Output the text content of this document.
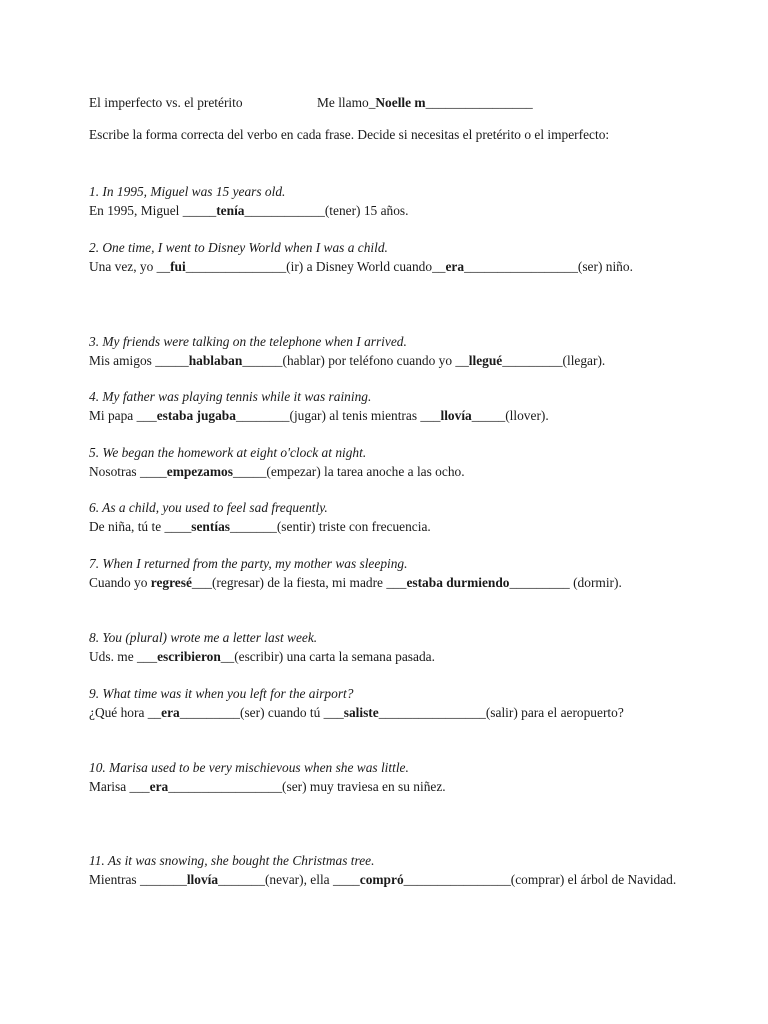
El imperfecto vs. el pretérito	Me llamo_Noelle m________________
Escribe la forma correcta del verbo en cada frase. Decide si necesitas el pretérito o el imperfecto:
1. In 1995, Miguel was 15 years old.
En 1995, Miguel _____tenía____________(tener) 15 años.
2. One time, I went to Disney World when I was a child.
Una vez, yo __fui_______________(ir) a Disney World cuando__era_________________(ser) niño.
3. My friends were talking on the telephone when I arrived.
Mis amigos _____hablaban______(hablar) por teléfono cuando yo __llegué_________(llegar).
4. My father was playing tennis while it was raining.
Mi papa ___estaba jugaba________(jugar) al tenis mientras ___llovía_____(llover).
5. We began the homework at eight o'clock at night.
Nosotras ____empezamos_____(empezar) la tarea anoche a las ocho.
6. As a child, you used to feel sad frequently.
De niña, tú te ____sentías_______(sentir) triste con frecuencia.
7. When I returned from the party, my mother was sleeping.
Cuando yo regresé___(regresar) de la fiesta, mi madre ___estaba durmiendo_________ (dormir).
8. You (plural) wrote me a letter last week.
Uds. me ___escribieron__(escribir) una carta la semana pasada.
9. What time was it when you left for the airport?
¿Qué hora __era_________(ser) cuando tú ___saliste________________(salir) para el aeropuerto?
10. Marisa used to be very mischievous when she was little.
Marisa ___era_________________(ser) muy traviesa en su niñez.
11. As it was snowing, she bought the Christmas tree.
Mientras _______llovía_______(nevar), ella ____compró________________(comprar) el árbol de Navidad.
